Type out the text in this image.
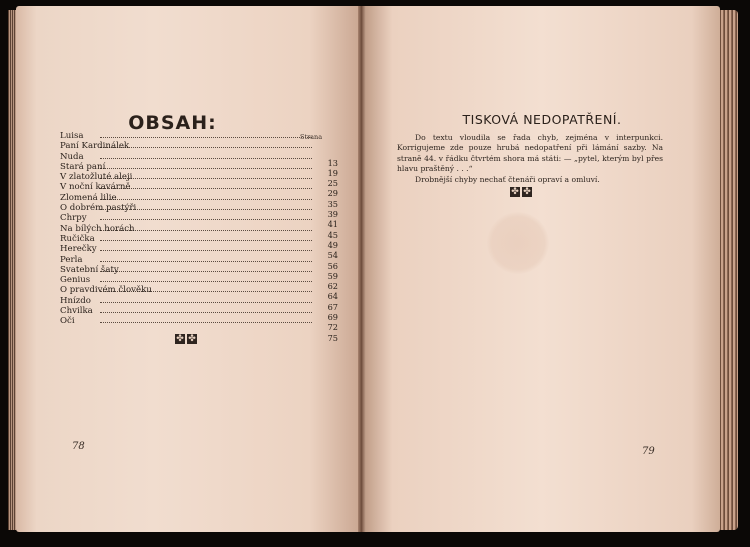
OBSAH:
Strana
Luisa
Paní Kardinálek
Nuda
13
Stará paní
19
V zlatožluté aleji
25
V noční kavárně
29
Zlomená lilie
35
O dobrém pastýři
39
Chrpy
41
Na bílých horách
45
Ručička
49
Herečky
54
Perla
56
Svatební šaty
59
Genius
62
O pravdivém člověku
64
Hnízdo
67
Chvilka
69
Oči
72
75
✤
✤
78
TISKOVÁ NEDOPATŘENÍ.

Do textu vloudila se řada chyb, zejména v interpunkci. Korrigujeme zde pouze hrubá nedopatření při lámání sazby. Na straně 44. v řádku čtvrtém shora má státi: — „pytel, kterým byl přes hlavu praštěný . . .“

Drobnější chyby nechať čtenáři opraví a omluví.

✤
✤
79
